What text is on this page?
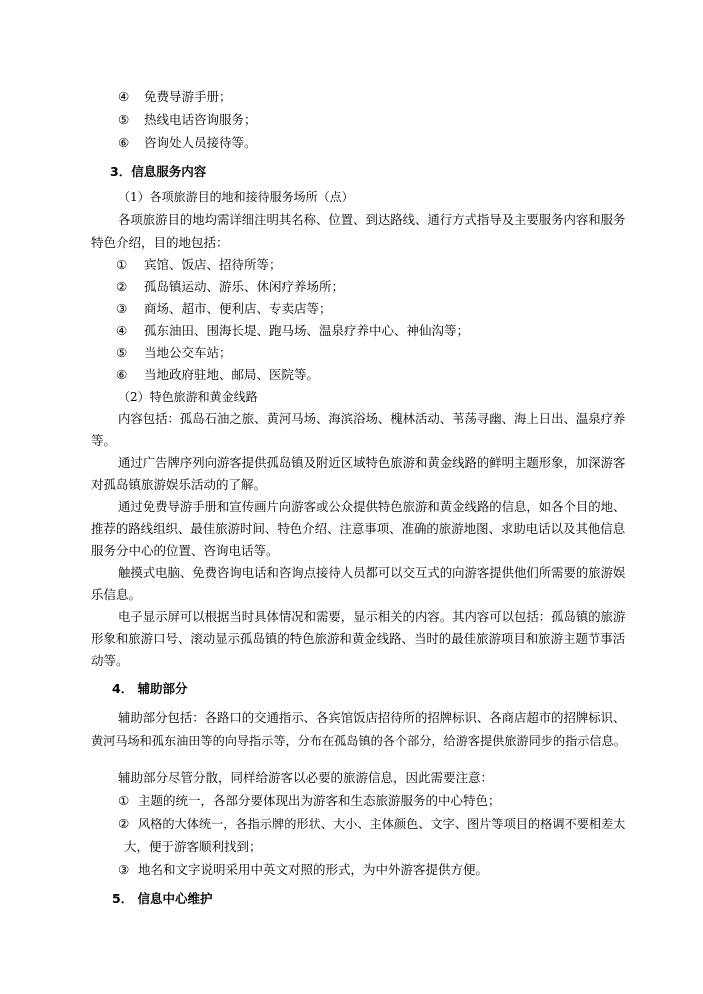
④ 免费导游手册；
⑤ 热线电话咨询服务；
⑥ 咨询处人员接待等。
3．信息服务内容
（1）各项旅游目的地和接待服务场所（点）
各项旅游目的地均需详细注明其名称、位置、到达路线、通行方式指导及主要服务内容和服务
特色介绍，目的地包括：
① 宾馆、饭店、招待所等；
② 孤岛镇运动、游乐、休闲疗养场所；
③ 商场、超市、便利店、专卖店等；
④ 孤东油田、围海长堤、跑马场、温泉疗养中心、神仙沟等；
⑤ 当地公交车站；
⑥ 当地政府驻地、邮局、医院等。
（2）特色旅游和黄金线路
内容包括：孤岛石油之旅、黄河马场、海滨浴场、槐林活动、苇荡寻幽、海上日出、温泉疗养
等。
通过广告牌序列向游客提供孤岛镇及附近区域特色旅游和黄金线路的鲜明主题形象，加深游客
对孤岛镇旅游娱乐活动的了解。
通过免费导游手册和宣传画片向游客或公众提供特色旅游和黄金线路的信息，如各个目的地、
推荐的路线组织、最佳旅游时间、特色介绍、注意事项、准确的旅游地图、求助电话以及其他信息
服务分中心的位置、咨询电话等。
触摸式电脑、免费咨询电话和咨询点接待人员都可以交互式的向游客提供他们所需要的旅游娱
乐信息。
电子显示屏可以根据当时具体情况和需要，显示相关的内容。其内容可以包括：孤岛镇的旅游
形象和旅游口号、滚动显示孤岛镇的特色旅游和黄金线路、当时的最佳旅游项目和旅游主题节事活
动等。
4． 辅助部分
辅助部分包括：各路口的交通指示、各宾馆饭店招待所的招牌标识、各商店超市的招牌标识、
黄河马场和孤东油田等的向导指示等，分布在孤岛镇的各个部分，给游客提供旅游同步的指示信息。
辅助部分尽管分散，同样给游客以必要的旅游信息，因此需要注意：
① 主题的统一，各部分要体现出为游客和生态旅游服务的中心特色；
② 风格的大体统一，各指示牌的形状、大小、主体颜色、文字、图片等项目的格调不要相差太
大，便于游客顺利找到；
③ 地名和文字说明采用中英文对照的形式，为中外游客提供方便。
5． 信息中心维护
